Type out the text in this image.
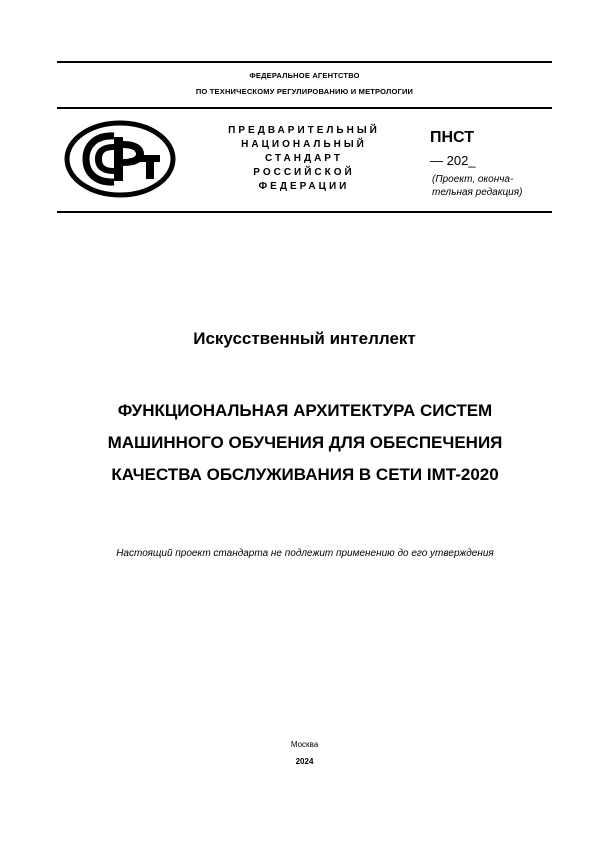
ФЕДЕРАЛЬНОЕ АГЕНТСТВО
ПО ТЕХНИЧЕСКОМУ РЕГУЛИРОВАНИЮ И МЕТРОЛОГИИ
ПРЕДВАРИТЕЛЬНЫЙ
НАЦИОНАЛЬНЫЙ
СТАНДАРТ
РОССИЙСКОЙ
ФЕДЕРАЦИИ
ПНСТ
— 202_
(Проект, оконча-
тельная редакция)
Искусственный интеллект
ФУНКЦИОНАЛЬНАЯ АРХИТЕКТУРА СИСТЕМ
МАШИННОГО ОБУЧЕНИЯ ДЛЯ ОБЕСПЕЧЕНИЯ
КАЧЕСТВА ОБСЛУЖИВАНИЯ В СЕТИ IMT-2020
Настоящий проект стандарта не подлежит применению до его утверждения
Москва
2024
